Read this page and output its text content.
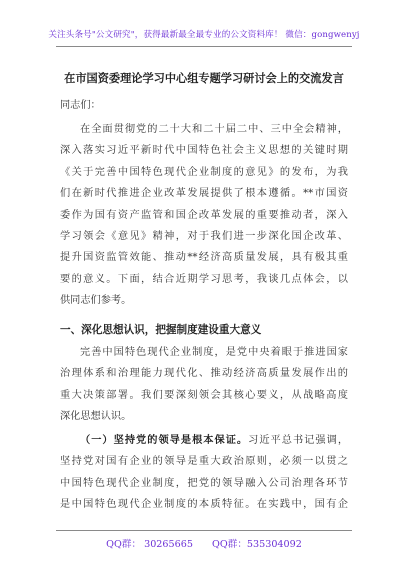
关注头条号"公文研究"，获得最新最全最专业的公文资料库！ 微信：gongwenyj
在市国资委理论学习中心组专题学习研讨会上的交流发言
同志们：
在全面贯彻党的二十大和二十届二中、三中全会精神，
深入落实习近平新时代中国特色社会主义思想的关键时期
《关于完善中国特色现代企业制度的意见》的发布，为我
们在新时代推进企业改革发展提供了根本遵循。**市国资
委作为国有资产监管和国企改革发展的重要推动者，深入
学习领会《意见》精神，对于我们进一步深化国企改革、
提升国资监管效能、推动**经济高质量发展，具有极其重
要的意义。下面，结合近期学习思考，我谈几点体会，以
供同志们参考。
一、深化思想认识，把握制度建设重大意义
完善中国特色现代企业制度，是党中央着眼于推进国家
治理体系和治理能力现代化、推动经济高质量发展作出的
重大决策部署。我们要深刻领会其核心要义，从战略高度
深化思想认识。
（一）坚持党的领导是根本保证。习近平总书记强调，
坚持党对国有企业的领导是重大政治原则，必须一以贯之
中国特色现代企业制度，把党的领导融入公司治理各环节
是中国特色现代企业制度的本质特征。在实践中，国有企
QQ群： 30265665 QQ群：535304092
